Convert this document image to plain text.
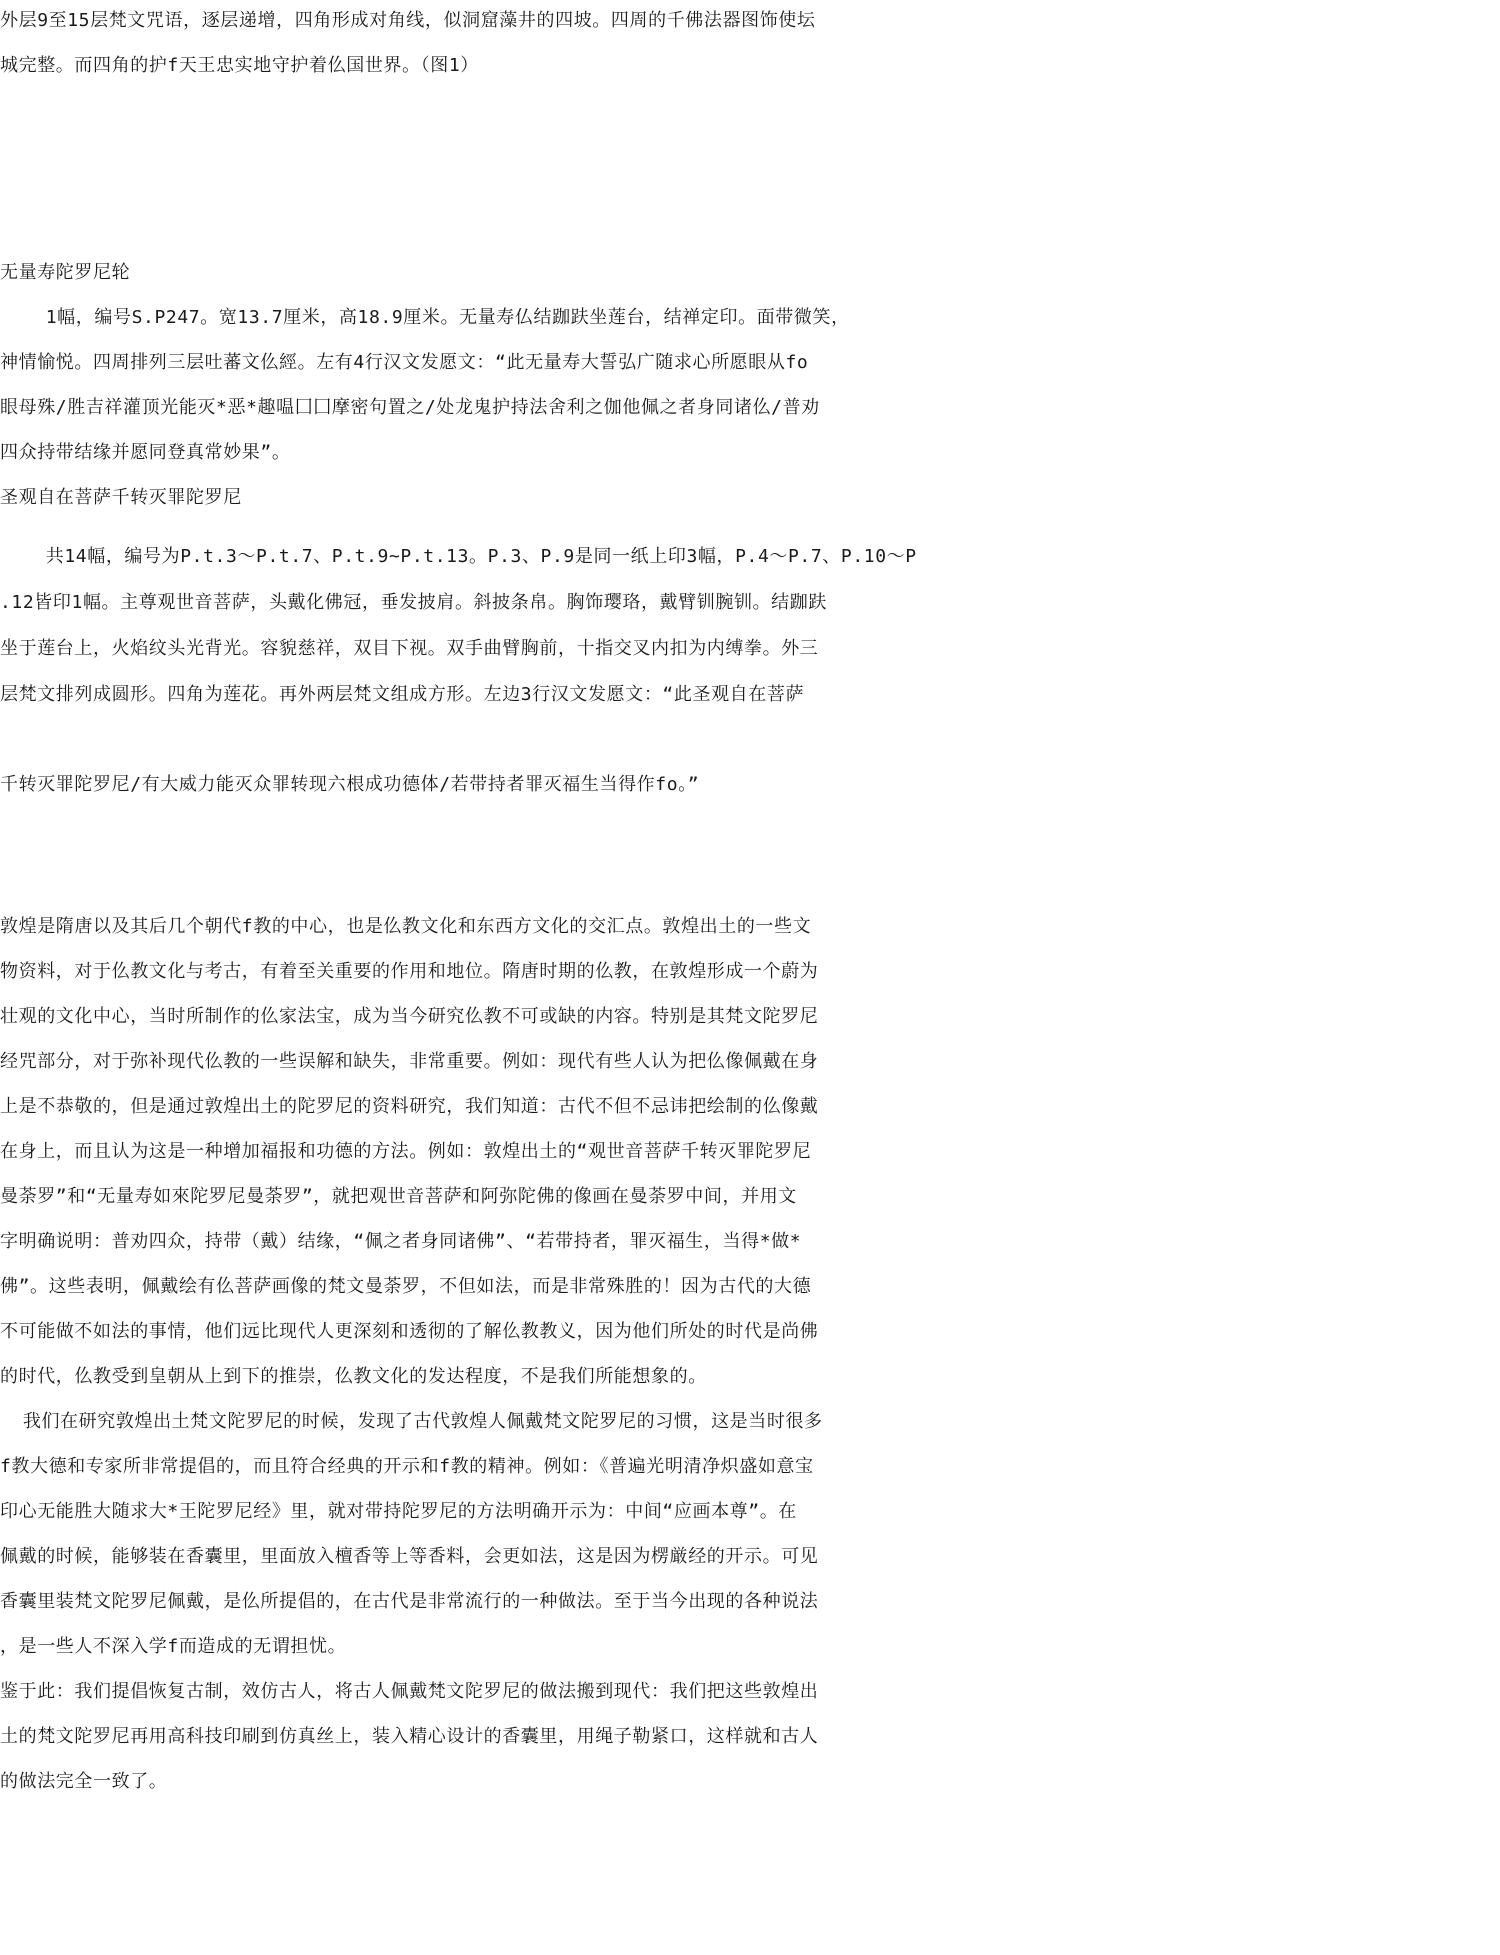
外层9至15层梵文咒语，逐层递增，四角形成对角线，似洞窟藻井的四坡。四周的千佛法器图饰使坛
城完整。而四角的护f天王忠实地守护着仫国世界。（图1）
无量寿陀罗尼轮
1幅，编号S.P247。宽13.7厘米，高18.9厘米。无量寿仏结跏趺坐莲台，结禅定印。面带微笑，
神情愉悦。四周排列三层吐蕃文仫經。左有4行汉文发愿文：“此无量寿大誓弘广随求心所愿眼从fo
眼母殊/胜吉祥灌顶光能灭*恶*趣嗢囗囗摩密句置之/处龙鬼护持法舍利之伽他佩之者身同诸仫/普劝
四众持带结缘并愿同登真常妙果”。
圣观自在菩萨千转灭罪陀罗尼
共14幅，编号为P.t.3～P.t.7、P.t.9~P.t.13。P.3、P.9是同一纸上印3幅，P.4～P.7、P.10～P
.12皆印1幅。主尊观世音菩萨，头戴化佛冠，垂发披肩。斜披条帛。胸饰璎珞，戴臂钏腕钏。结跏趺
坐于莲台上，火焰纹头光背光。容貌慈祥，双目下视。双手曲臂胸前，十指交叉内扣为内缚拳。外三
层梵文排列成圆形。四角为莲花。再外两层梵文组成方形。左边3行汉文发愿文：“此圣观自在菩萨
千转灭罪陀罗尼/有大威力能灭众罪转现六根成功德体/若带持者罪灭福生当得作fo。”
敦煌是隋唐以及其后几个朝代f教的中心，也是仫教文化和东西方文化的交汇点。敦煌出土的一些文
物资料，对于仫教文化与考古，有着至关重要的作用和地位。隋唐时期的仫教，在敦煌形成一个蔚为
壮观的文化中心，当时所制作的仫家法宝，成为当今研究仫教不可或缺的内容。特别是其梵文陀罗尼
经咒部分，对于弥补现代仫教的一些误解和缺失，非常重要。例如：现代有些人认为把仫像佩戴在身
上是不恭敬的，但是通过敦煌出土的陀罗尼的资料研究，我们知道：古代不但不忌讳把绘制的仫像戴
在身上，而且认为这是一种增加福报和功德的方法。例如：敦煌出土的“观世音菩萨千转灭罪陀罗尼
曼荼罗”和“无量寿如來陀罗尼曼荼罗”，就把观世音菩萨和阿弥陀佛的像画在曼荼罗中间，并用文
字明确说明：普劝四众，持带（戴）结缘，“佩之者身同诸佛”、“若带持者，罪灭福生，当得*做*
佛”。这些表明，佩戴绘有仫菩萨画像的梵文曼荼罗，不但如法，而是非常殊胜的！因为古代的大德
不可能做不如法的事情，他们远比现代人更深刻和透彻的了解仫教教义，因为他们所处的时代是尚佛
的时代，仫教受到皇朝从上到下的推崇，仫教文化的发达程度，不是我们所能想象的。
我们在研究敦煌出土梵文陀罗尼的时候，发现了古代敦煌人佩戴梵文陀罗尼的习惯，这是当时很多
f教大德和专家所非常提倡的，而且符合经典的开示和f教的精神。例如：《普遍光明清净炽盛如意宝
印心无能胜大随求大*王陀罗尼经》里，就对带持陀罗尼的方法明确开示为：中间“应画本尊”。在
佩戴的时候，能够装在香囊里，里面放入檀香等上等香料，会更如法，这是因为楞厳经的开示。可见
香囊里装梵文陀罗尼佩戴，是仫所提倡的，在古代是非常流行的一种做法。至于当今出现的各种说法
，是一些人不深入学f而造成的无谓担忧。
鉴于此：我们提倡恢复古制，效仿古人，将古人佩戴梵文陀罗尼的做法搬到现代：我们把这些敦煌出
土的梵文陀罗尼再用高科技印刷到仿真丝上，装入精心设计的香囊里，用绳子勒紧口，这样就和古人
的做法完全一致了。
